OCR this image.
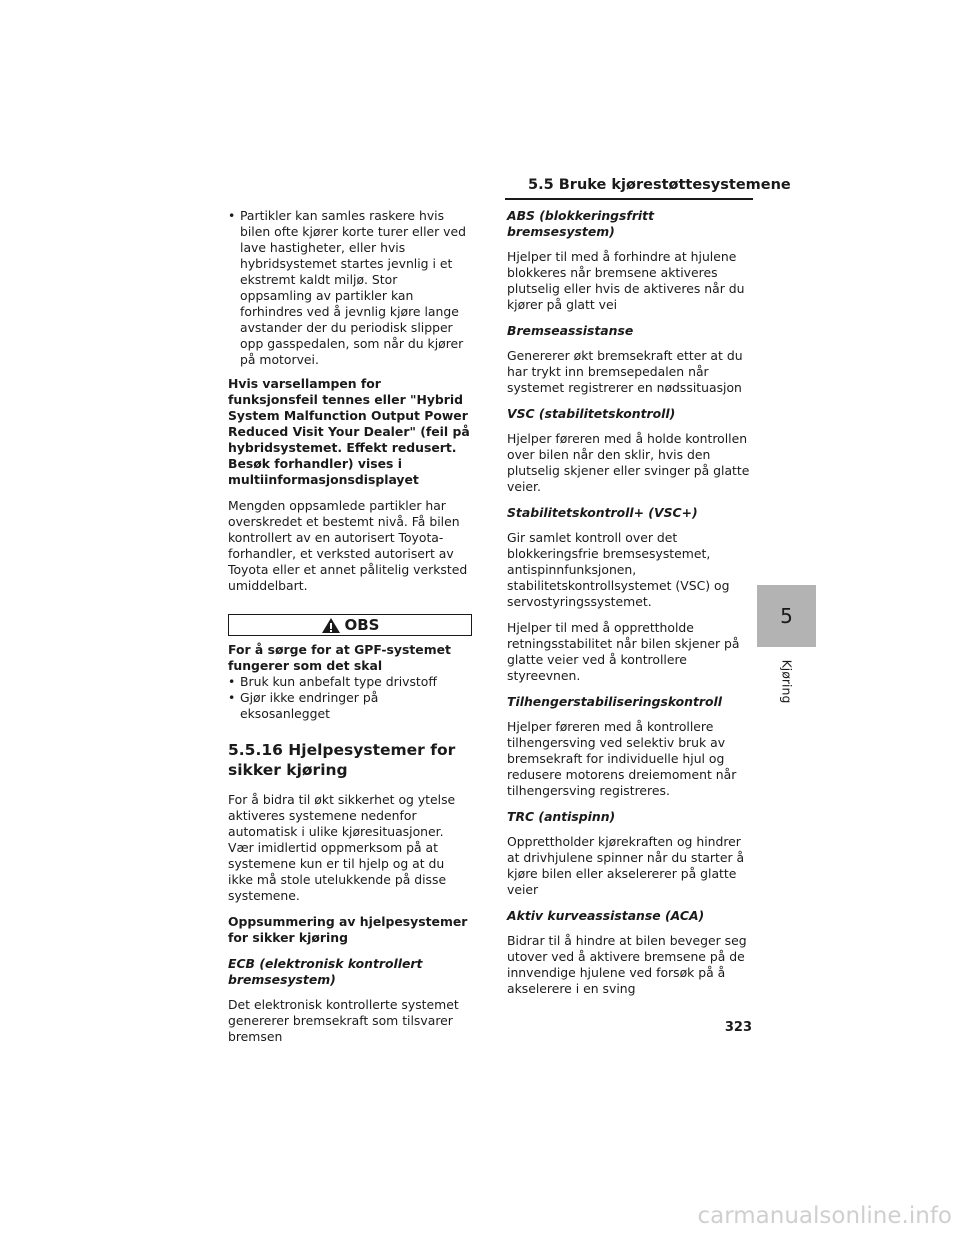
5.5 Bruke kjørestøttesystemene
• Partikler kan samles raskere hvis bilen ofte kjører korte turer eller ved lave hastigheter, eller hvis hybridsystemet startes jevnlig i et ekstremt kaldt miljø. Stor oppsamling av partikler kan forhindres ved å jevnlig kjøre lange avstander der du periodisk slipper opp gasspedalen, som når du kjører på motorvei.

Hvis varsellampen for funksjonsfeil tennes eller "Hybrid System Malfunction Output Power Reduced Visit Your Dealer" (feil på hybridsystemet. Effekt redusert. Besøk forhandler) vises i multiinformasjonsdisplayet

Mengden oppsamlede partikler har overskredet et bestemt nivå. Få bilen kontrollert av en autorisert Toyota-forhandler, et verksted autorisert av Toyota eller et annet pålitelig verksted umiddelbart.

OBS

For å sørge for at GPF-systemet fungerer som det skal

• Bruk kun anbefalt type drivstoff
• Gjør ikke endringer på eksosanlegget
5.5.16 Hjelpesystemer for sikker kjøring

For å bidra til økt sikkerhet og ytelse aktiveres systemene nedenfor automatisk i ulike kjøresituasjoner. Vær imidlertid oppmerksom på at systemene kun er til hjelp og at du ikke må stole utelukkende på disse systemene.

Oppsummering av hjelpesystemer for sikker kjøring

ECB (elektronisk kontrollert bremsesystem)

Det elektronisk kontrollerte systemet genererer bremsekraft som tilsvarer bremsen

ABS (blokkeringsfritt bremsesystem)

Hjelper til med å forhindre at hjulene blokkeres når bremsene aktiveres plutselig eller hvis de aktiveres når du kjører på glatt vei

Bremseassistanse

Genererer økt bremsekraft etter at du har trykt inn bremsepedalen når systemet registrerer en nødssituasjon

VSC (stabilitetskontroll)

Hjelper føreren med å holde kontrollen over bilen når den sklir, hvis den plutselig skjener eller svinger på glatte veier.

Stabilitetskontroll+ (VSC+)

Gir samlet kontroll over det blokkeringsfrie bremsesystemet, antispinnfunksjonen, stabilitetskontrollsystemet (VSC) og servostyringssystemet.

Hjelper til med å opprettholde retningsstabilitet når bilen skjener på glatte veier ved å kontrollere styreevnen.

Tilhengerstabiliseringskontroll

Hjelper føreren med å kontrollere tilhengersving ved selektiv bruk av bremsekraft for individuelle hjul og redusere motorens dreiemoment når tilhengersving registreres.

TRC (antispinn)

Opprettholder kjørekraften og hindrer at drivhjulene spinner når du starter å kjøre bilen eller akselererer på glatte veier

Aktiv kurveassistanse (ACA)

Bidrar til å hindre at bilen beveger seg utover ved å aktivere bremsene på de innvendige hjulene ved forsøk på å akselerere i en sving

5
Kjøring
323
carmanualsonline.info
